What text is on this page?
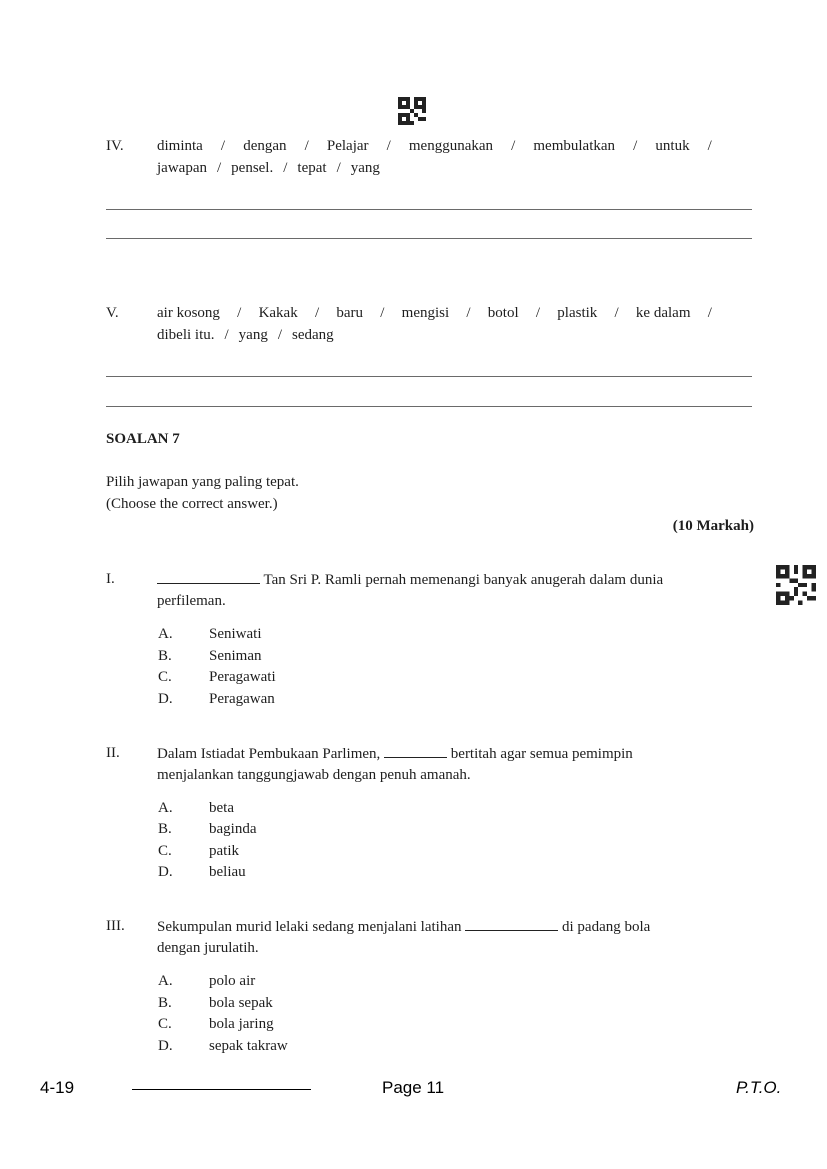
IV. diminta / dengan / Pelajar / menggunakan / membulatkan / untuk /
jawapan / pensel. / tepat / yang
V.	air kosong / Kakak / baru / mengisi / botol / plastik / ke dalam /
dibeli itu. / yang / sedang
SOALAN 7
Pilih jawapan yang paling tepat.
(Choose the correct answer.)
(10 Markah)
I.	Tan Sri P. Ramli pernah memenangi banyak anugerah dalam dunia
perfileman.
A. Seniwati
B. Seniman
C. Peragawati
D. Peragawan
II. Dalam Istiadat Pembukaan Parlimen,	bertitah agar semua pemimpin
menjalankan tanggungjawab dengan penuh amanah.
A. beta
B. baginda
C. patik
D. beliau
III. Sekumpulan murid lelaki sedang menjalani latihan	di padang bola
dengan jurulatih.
A. polo air
B. bola sepak
C. bola jaring
D. sepak takraw
4-19	Page 11	P.T.O.
